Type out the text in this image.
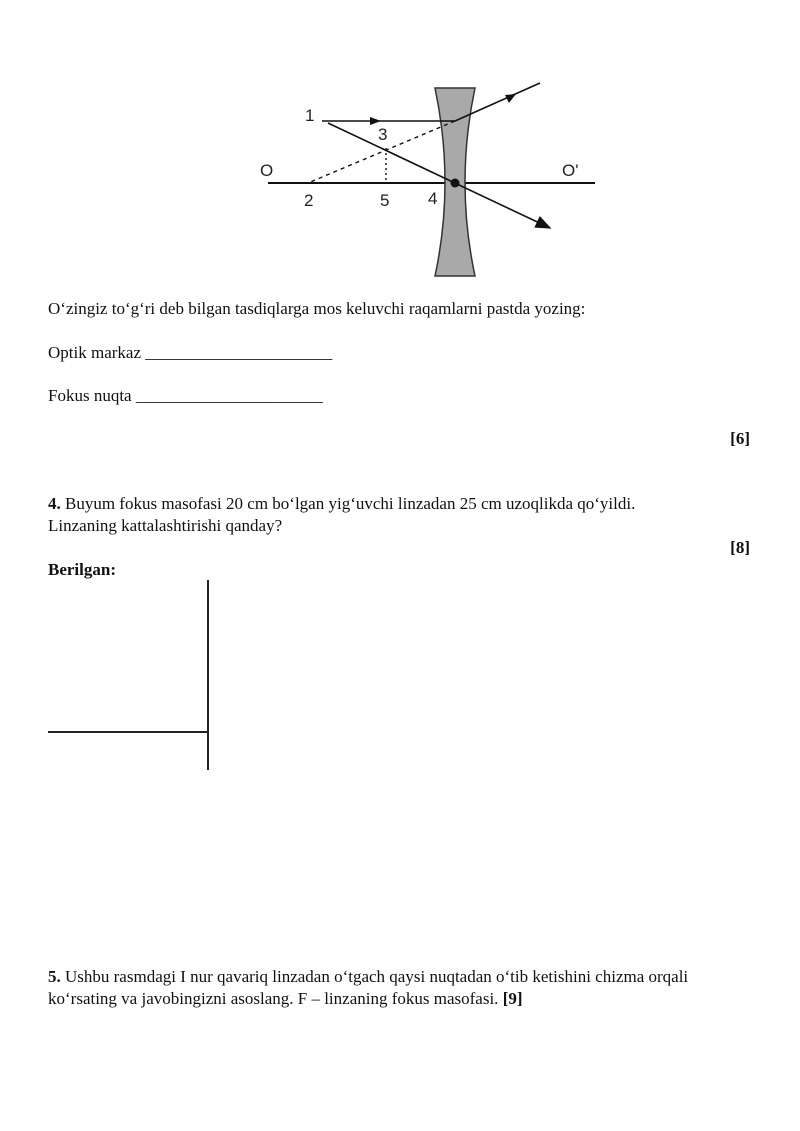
1
3
O	O'
2	5 4
O‘zingiz to‘g‘ri deb bilgan tasdiqlarga mos keluvchi raqamlarni pastda yozing:
Optik markaz ______________________
Fokus nuqta ______________________
[6]
4. Buyum fokus masofasi 20 cm bo‘lgan yig‘uvchi linzadan 25 cm uzoqlikda qo‘yildi.
Linzaning kattalashtirishi qanday?
[8]
Berilgan:
5. Ushbu rasmdagi I nur qavariq linzadan o‘tgach qaysi nuqtadan o‘tib ketishini chizma orqali
ko‘rsating va javobingizni asoslang. F – linzaning fokus masofasi. [9]
